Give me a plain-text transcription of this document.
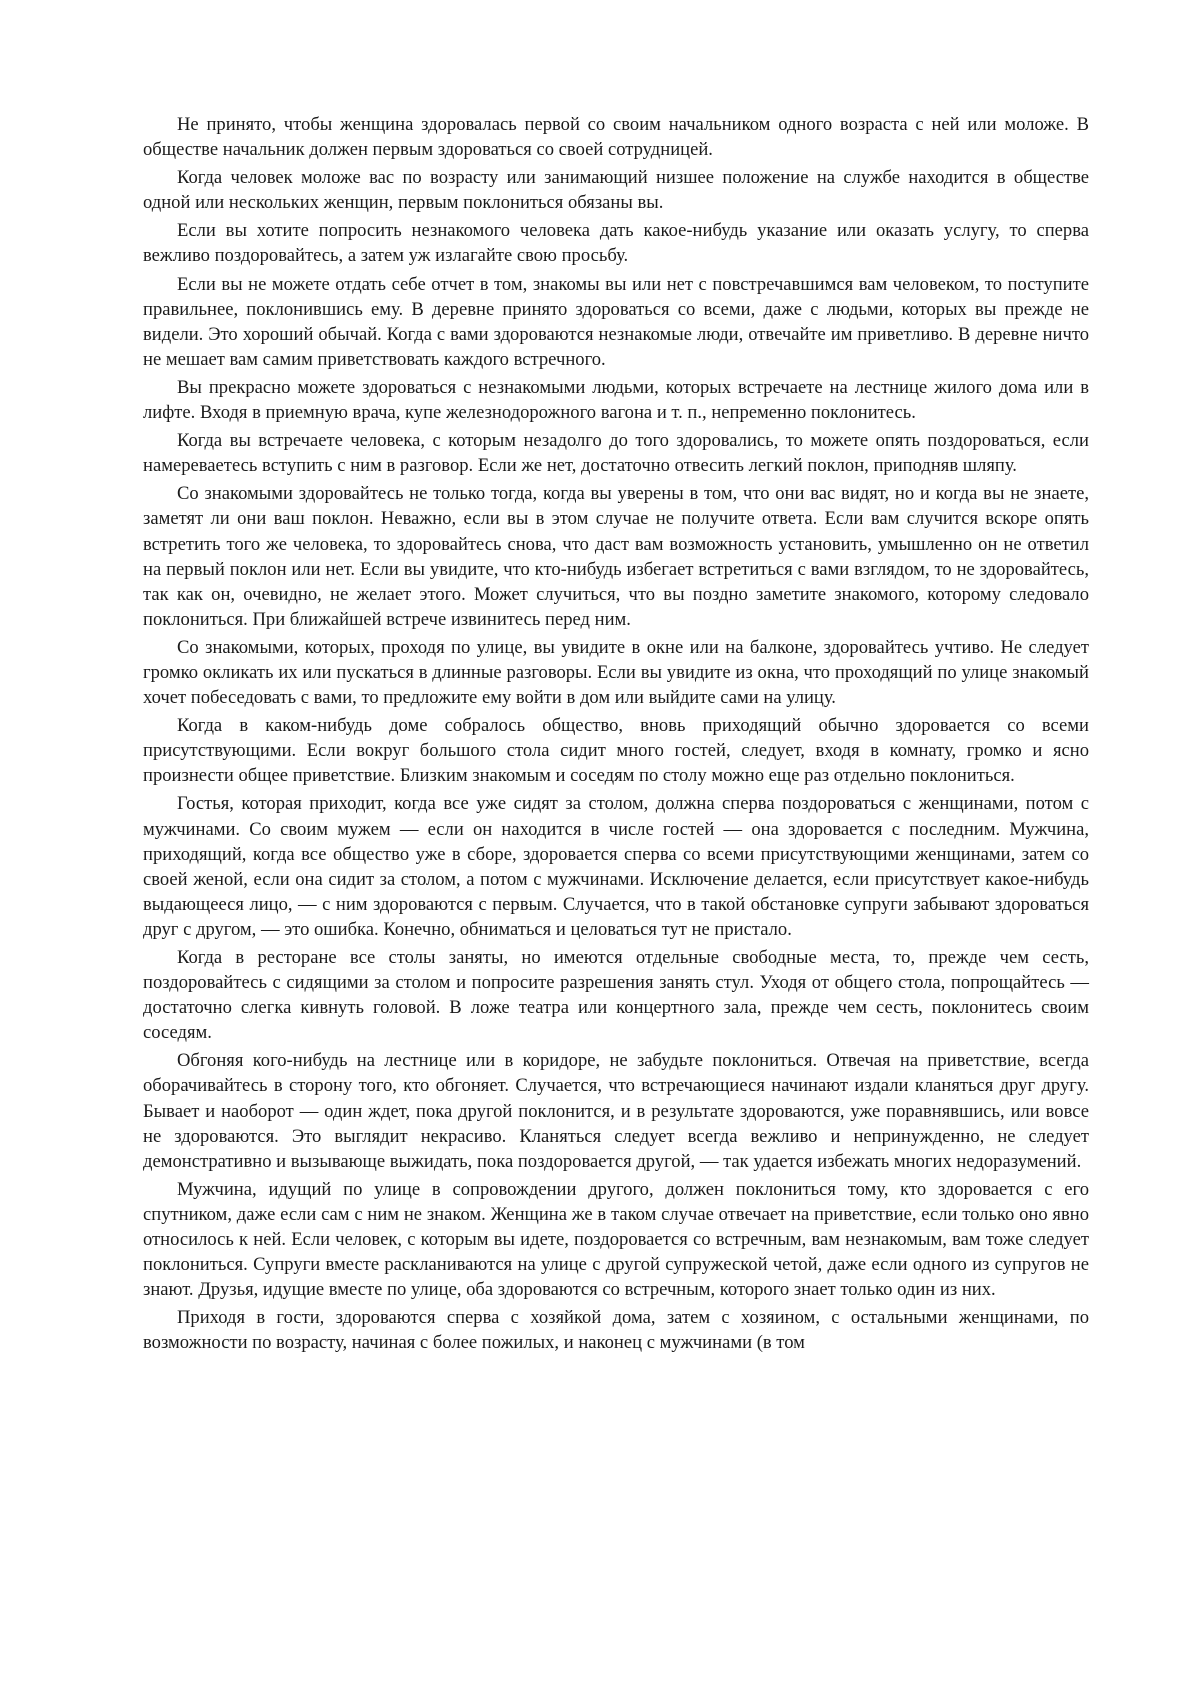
Не принято, чтобы женщина здоровалась первой со своим начальником одного возраста с ней или моложе. В обществе начальник должен первым здороваться со своей сотрудницей.

Когда человек моложе вас по возрасту или занимающий низшее положение на службе находится в обществе одной или нескольких женщин, первым поклониться обязаны вы.

Если вы хотите попросить незнакомого человека дать какое-нибудь указание или оказать услугу, то сперва вежливо поздоровайтесь, а затем уж излагайте свою просьбу.

Если вы не можете отдать себе отчет в том, знакомы вы или нет с повстречавшимся вам человеком, то поступите правильнее, поклонившись ему. В деревне принято здороваться со всеми, даже с людьми, которых вы прежде не видели. Это хороший обычай. Когда с вами здороваются незнакомые люди, отвечайте им приветливо. В деревне ничто не мешает вам самим приветствовать каждого встречного.

Вы прекрасно можете здороваться с незнакомыми людьми, которых встречаете на лестнице жилого дома или в лифте. Входя в приемную врача, купе железнодорожного вагона и т. п., непременно поклонитесь.

Когда вы встречаете человека, с которым незадолго до того здоровались, то можете опять поздороваться, если намереваетесь вступить с ним в разговор. Если же нет, достаточно отвесить легкий поклон, приподняв шляпу.

Со знакомыми здоровайтесь не только тогда, когда вы уверены в том, что они вас видят, но и когда вы не знаете, заметят ли они ваш поклон. Неважно, если вы в этом случае не получите ответа. Если вам случится вскоре опять встретить того же человека, то здоровайтесь снова, что даст вам возможность установить, умышленно он не ответил на первый поклон или нет. Если вы увидите, что кто-нибудь избегает встретиться с вами взглядом, то не здоровайтесь, так как он, очевидно, не желает этого. Может случиться, что вы поздно заметите знакомого, которому следовало поклониться. При ближайшей встрече извинитесь перед ним.

Со знакомыми, которых, проходя по улице, вы увидите в окне или на балконе, здоровайтесь учтиво. Не следует громко окликать их или пускаться в длинные разговоры. Если вы увидите из окна, что проходящий по улице знакомый хочет побеседовать с вами, то предложите ему войти в дом или выйдите сами на улицу.

Когда в каком-нибудь доме собралось общество, вновь приходящий обычно здоровается со всеми присутствующими. Если вокруг большого стола сидит много гостей, следует, входя в комнату, громко и ясно произнести общее приветствие. Близким знакомым и соседям по столу можно еще раз отдельно поклониться.

Гостья, которая приходит, когда все уже сидят за столом, должна сперва поздороваться с женщинами, потом с мужчинами. Со своим мужем — если он находится в числе гостей — она здоровается с последним. Мужчина, приходящий, когда все общество уже в сборе, здоровается сперва со всеми присутствующими женщинами, затем со своей женой, если она сидит за столом, а потом с мужчинами. Исключение делается, если присутствует какое-нибудь выдающееся лицо, — с ним здороваются с первым. Случается, что в такой обстановке супруги забывают здороваться друг с другом, — это ошибка. Конечно, обниматься и целоваться тут не пристало.

Когда в ресторане все столы заняты, но имеются отдельные свободные места, то, прежде чем сесть, поздоровайтесь с сидящими за столом и попросите разрешения занять стул. Уходя от общего стола, попрощайтесь — достаточно слегка кивнуть головой. В ложе театра или концертного зала, прежде чем сесть, поклонитесь своим соседям.

Обгоняя кого-нибудь на лестнице или в коридоре, не забудьте поклониться. Отвечая на приветствие, всегда оборачивайтесь в сторону того, кто обгоняет. Случается, что встречающиеся начинают издали кланяться друг другу. Бывает и наоборот — один ждет, пока другой поклонится, и в результате здороваются, уже поравнявшись, или вовсе не здороваются. Это выглядит некрасиво. Кланяться следует всегда вежливо и непринужденно, не следует демонстративно и вызывающе выжидать, пока поздоровается другой, — так удается избежать многих недоразумений.

Мужчина, идущий по улице в сопровождении другого, должен поклониться тому, кто здоровается с его спутником, даже если сам с ним не знаком. Женщина же в таком случае отвечает на приветствие, если только оно явно относилось к ней. Если человек, с которым вы идете, поздоровается со встречным, вам незнакомым, вам тоже следует поклониться. Супруги вместе раскланиваются на улице с другой супружеской четой, даже если одного из супругов не знают. Друзья, идущие вместе по улице, оба здороваются со встречным, которого знает только один из них.

Приходя в гости, здороваются сперва с хозяйкой дома, затем с хозяином, с остальными женщинами, по возможности по возрасту, начиная с более пожилых, и наконец с мужчинами (в том
